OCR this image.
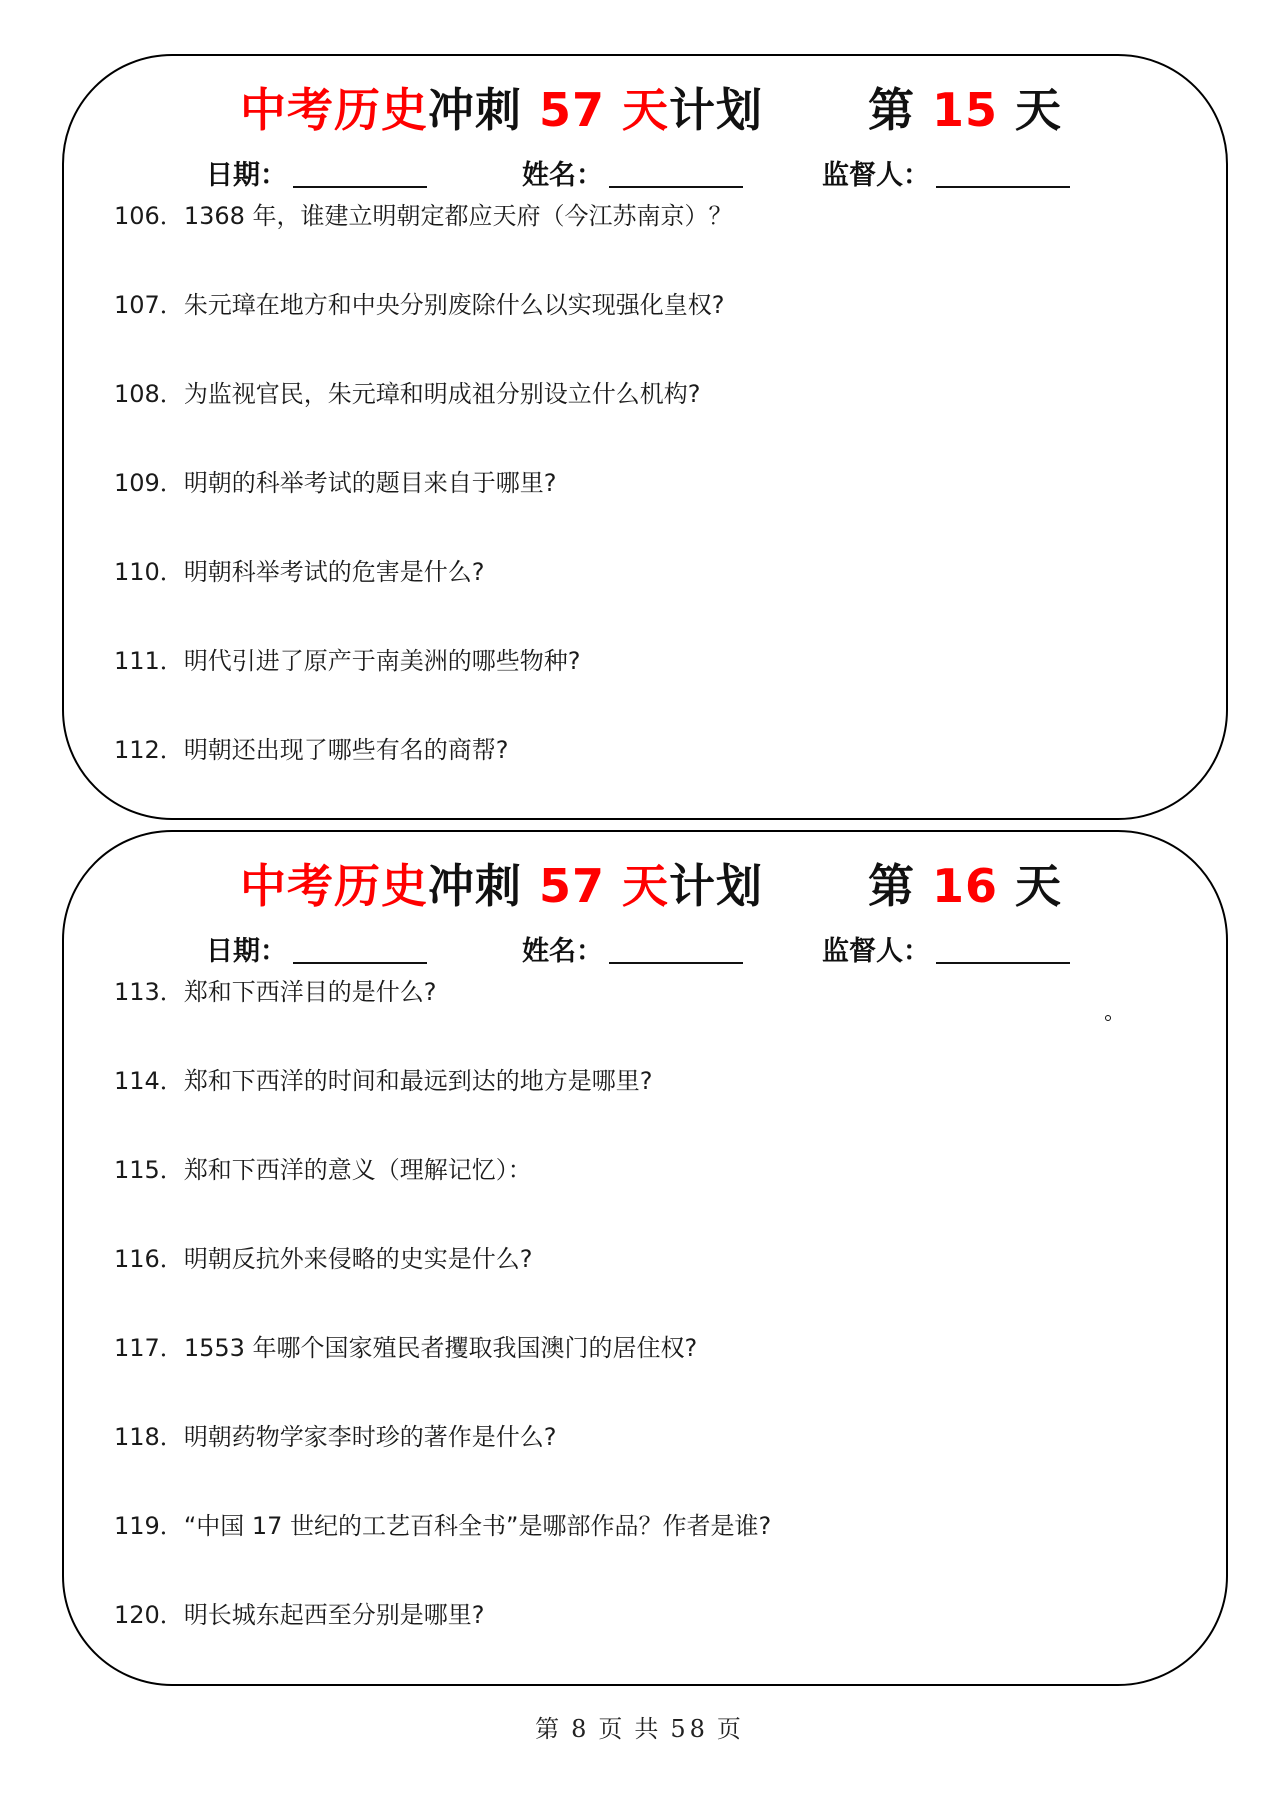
中考历史冲刺 57 天计划 第 15 天
日期：	姓名：	监督人：
106．1368 年，谁建立明朝定都应天府（今江苏南京）？
107．朱元璋在地方和中央分别废除什么以实现强化皇权?
108．为监视官民，朱元璋和明成祖分别设立什么机构?
109．明朝的科举考试的题目来自于哪里?
110．明朝科举考试的危害是什么?
111．明代引进了原产于南美洲的哪些物种?
112．明朝还出现了哪些有名的商帮?
中考历史冲刺 57 天计划 第 16 天
日期：	姓名：	监督人：
113．郑和下西洋目的是什么?
114．郑和下西洋的时间和最远到达的地方是哪里?
115．郑和下西洋的意义（理解记忆）：
116．明朝反抗外来侵略的史实是什么?
117．1553 年哪个国家殖民者攫取我国澳门的居住权?
118．明朝药物学家李时珍的著作是什么?
119．“中国 17 世纪的工艺百科全书”是哪部作品？作者是谁?
120．明长城东起西至分别是哪里?
第 8 页 共 58 页
